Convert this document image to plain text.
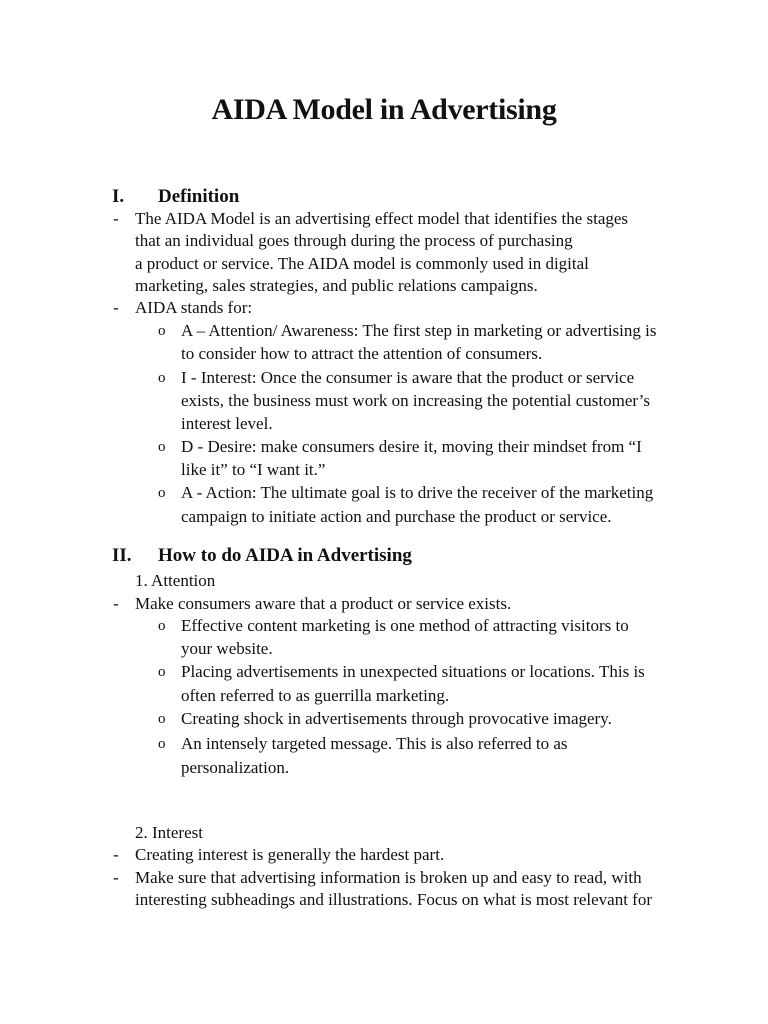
AIDA Model in Advertising
I. Definition
- The AIDA Model is an advertising effect model that identifies the stages
that an individual goes through during the process of purchasing
a product or service. The AIDA model is commonly used in digital
marketing, sales strategies, and public relations campaigns.
- AIDA stands for:
o A – Attention/ Awareness: The first step in marketing or advertising is
to consider how to attract the attention of consumers.
o I - Interest: Once the consumer is aware that the product or service
exists, the business must work on increasing the potential customer’s
interest level.
o D - Desire: make consumers desire it, moving their mindset from “I
like it” to “I want it.”
o A - Action: The ultimate goal is to drive the receiver of the marketing
campaign to initiate action and purchase the product or service.
II. How to do AIDA in Advertising
1. Attention
- Make consumers aware that a product or service exists.
o Effective content marketing is one method of attracting visitors to
your website.
o Placing advertisements in unexpected situations or locations. This is
often referred to as guerrilla marketing.
o Creating shock in advertisements through provocative imagery.
o An intensely targeted message. This is also referred to as
personalization.
2. Interest
- Creating interest is generally the hardest part.
- Make sure that advertising information is broken up and easy to read, with
interesting subheadings and illustrations. Focus on what is most relevant for
